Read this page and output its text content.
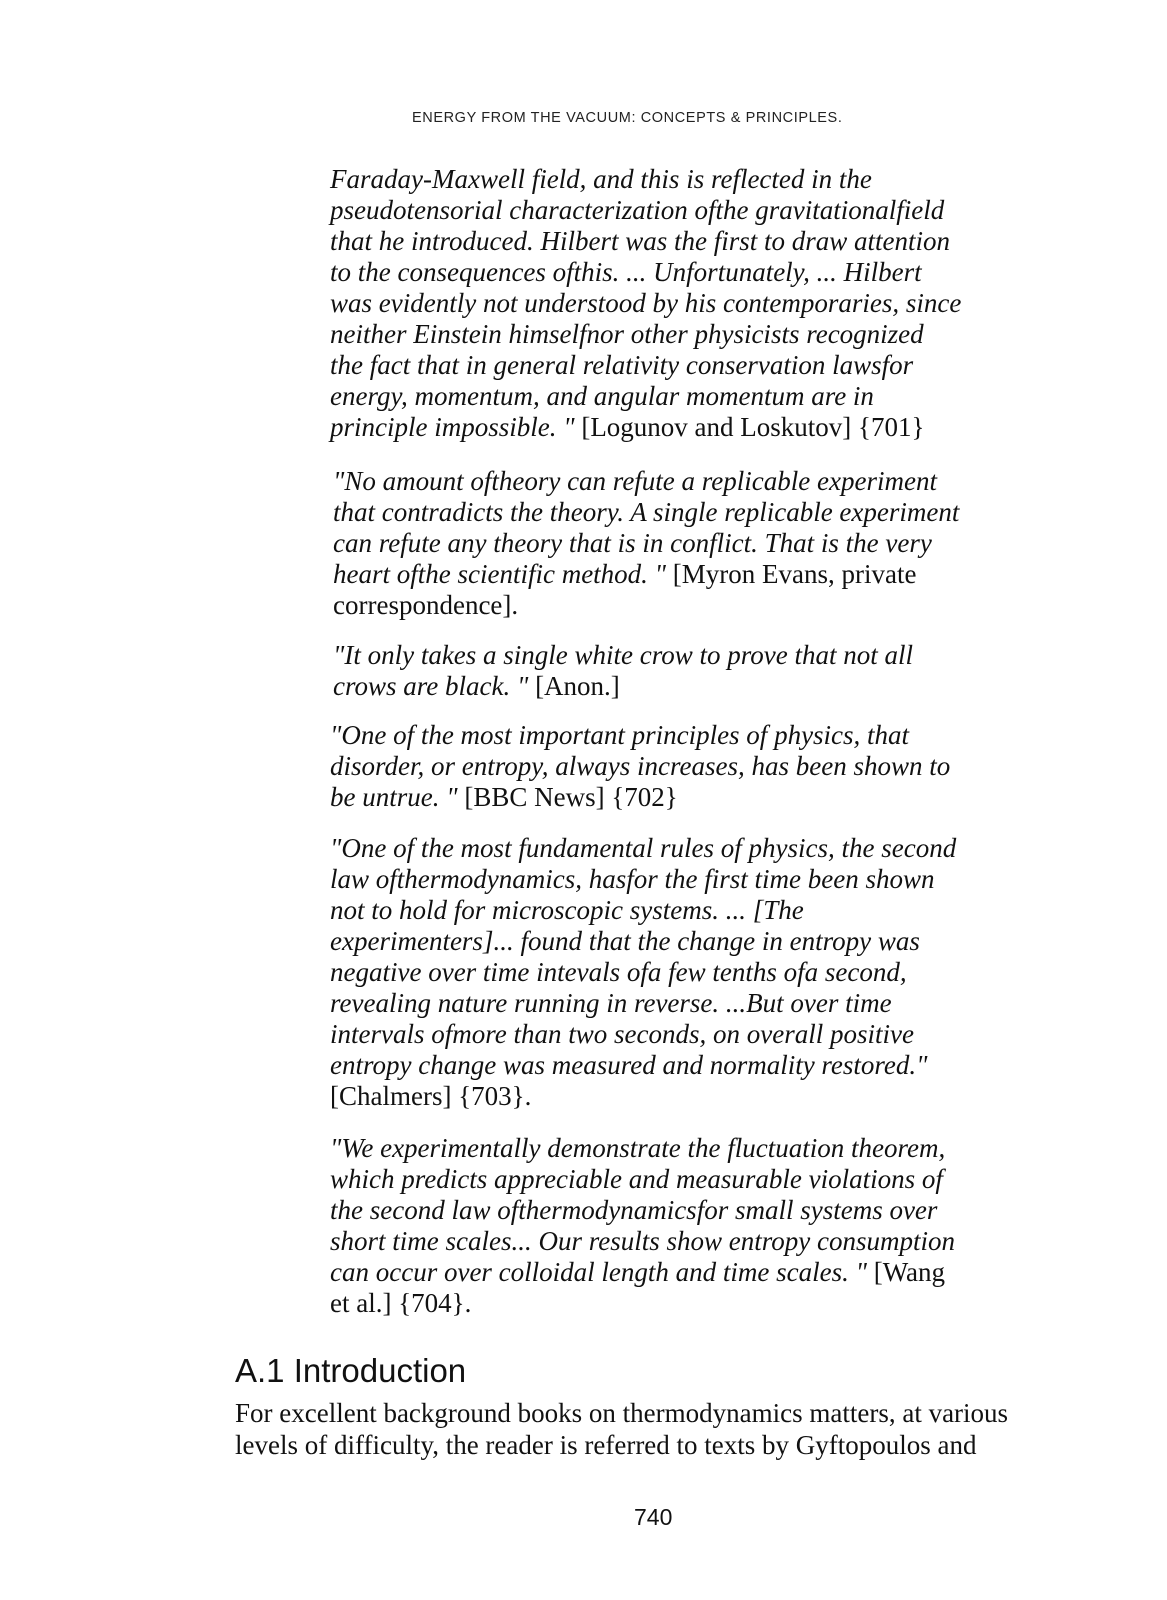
ENERGY FROM THE VACUUM: CONCEPTS & PRINCIPLES.
Faraday-Maxwell field, and this is reflected in the
pseudotensorial characterization ofthe gravitationalfield
that he introduced. Hilbert was the first to draw attention
to the consequences ofthis. ... Unfortunately, ... Hilbert
was evidently not understood by his contemporaries, since
neither Einstein himselfnor other physicists recognized
the fact that in general relativity conservation lawsfor
energy, momentum, and angular momentum are in
principle impossible. " [Logunov and Loskutov] {701}
"No amount oftheory can refute a replicable experiment
that contradicts the theory. A single replicable experiment
can refute any theory that is in conflict. That is the very
heart ofthe scientific method. " [Myron Evans, private
correspondence].
"It only takes a single white crow to prove that not all
crows are black. " [Anon.]
"One of the most important principles of physics, that
disorder, or entropy, always increases, has been shown to
be untrue. " [BBC News] {702}
"One of the most fundamental rules of physics, the second
law ofthermodynamics, hasfor the first time been shown
not to hold for microscopic systems. ... [The
experimenters]... found that the change in entropy was
negative over time intevals ofa few tenths ofa second,
revealing nature running in reverse. ...But over time
intervals ofmore than two seconds, on overall positive
entropy change was measured and normality restored."
[Chalmers] {703}.
"We experimentally demonstrate the fluctuation theorem,
which predicts appreciable and measurable violations of
the second law ofthermodynamicsfor small systems over
short time scales... Our results show entropy consumption
can occur over colloidal length and time scales. " [Wang
et al.] {704}.
A.1 Introduction
For excellent background books on thermodynamics matters, at various
levels of difficulty, the reader is referred to texts by Gyftopoulos and
740
